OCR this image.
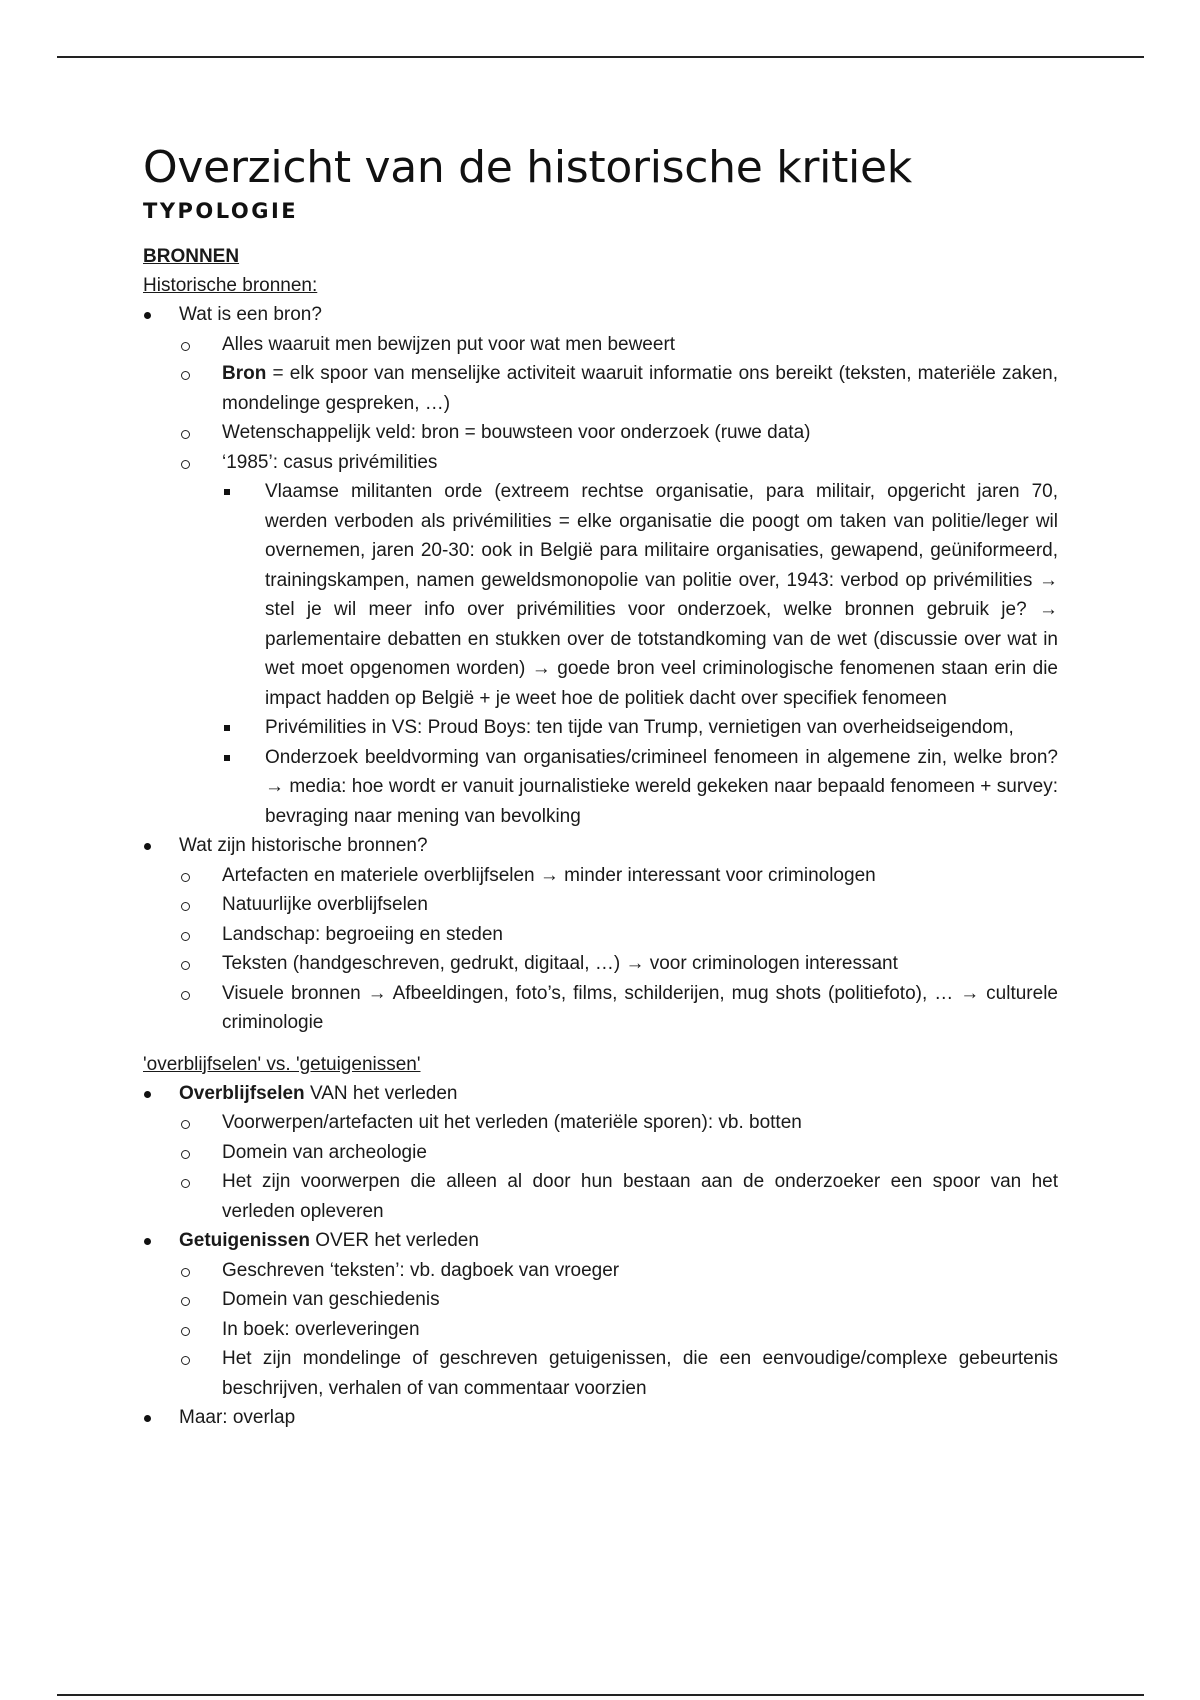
Overzicht van de historische kritiek
TYPOLOGIE
BRONNEN
Historische bronnen:
Wat is een bron?
Alles waaruit men bewijzen put voor wat men beweert
Bron = elk spoor van menselijke activiteit waaruit informatie ons bereikt (teksten, materiële zaken, mondelinge gespreken, …)
Wetenschappelijk veld: bron = bouwsteen voor onderzoek (ruwe data)
‘1985’: casus privémilities
Vlaamse militanten orde (extreem rechtse organisatie, para militair, opgericht jaren 70, werden verboden als privémilities = elke organisatie die poogt om taken van politie/leger wil overnemen, jaren 20-30: ook in België para militaire organisaties, gewapend, geüniformeerd, trainingskampen, namen geweldsmonopolie van politie over, 1943: verbod op privémilities → stel je wil meer info over privémilities voor onderzoek, welke bronnen gebruik je? → parlementaire debatten en stukken over de totstandkoming van de wet (discussie over wat in wet moet opgenomen worden) → goede bron veel criminologische fenomenen staan erin die impact hadden op België + je weet hoe de politiek dacht over specifiek fenomeen
Privémilities in VS: Proud Boys: ten tijde van Trump, vernietigen van overheidseigendom,
Onderzoek beeldvorming van organisaties/crimineel fenomeen in algemene zin, welke bron? → media: hoe wordt er vanuit journalistieke wereld gekeken naar bepaald fenomeen + survey: bevraging naar mening van bevolking
Wat zijn historische bronnen?
Artefacten en materiele overblijfselen → minder interessant voor criminologen
Natuurlijke overblijfselen
Landschap: begroeiing en steden
Teksten (handgeschreven, gedrukt, digitaal, …) → voor criminologen interessant
Visuele bronnen → Afbeeldingen, foto’s, films, schilderijen, mug shots (politiefoto), … → culturele criminologie
'overblijfselen' vs. 'getuigenissen'
Overblijfselen VAN het verleden
Voorwerpen/artefacten uit het verleden (materiële sporen): vb. botten
Domein van archeologie
Het zijn voorwerpen die alleen al door hun bestaan aan de onderzoeker een spoor van het verleden opleveren
Getuigenissen OVER het verleden
Geschreven ‘teksten’: vb. dagboek van vroeger
Domein van geschiedenis
In boek: overleveringen
Het zijn mondelinge of geschreven getuigenissen, die een eenvoudige/complexe gebeurtenis beschrijven, verhalen of van commentaar voorzien
Maar: overlap
